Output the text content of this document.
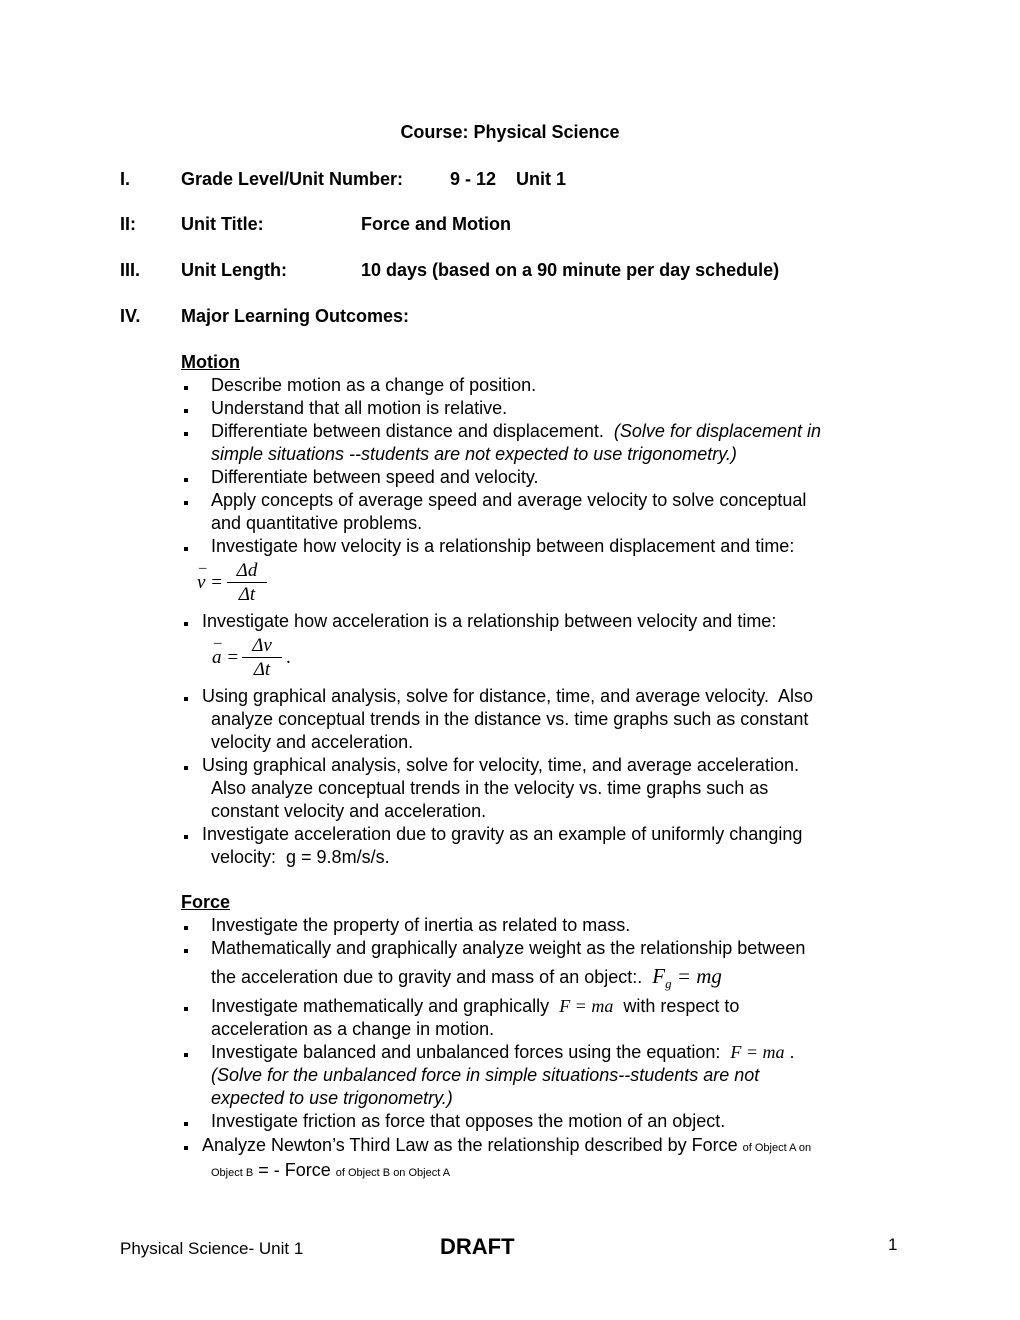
Course: Physical Science
I.	Grade Level/Unit Number:	9 - 12    Unit 1
II:	Unit Title:	Force and Motion
III. Unit Length:	10 days (based on a 90 minute per day schedule)
IV. Major Learning Outcomes:
Motion
Describe motion as a change of position.
Understand that all motion is relative.
Differentiate between distance and displacement.  (Solve for displacement in
simple situations --students are not expected to use trigonometry.)
Differentiate between speed and velocity.
Apply concepts of average speed and average velocity to solve conceptual
and quantitative problems.
Investigate how velocity is a relationship between displacement and time:
Investigate how acceleration is a relationship between velocity and time:
Using graphical analysis, solve for distance, time, and average velocity.  Also
analyze conceptual trends in the distance vs. time graphs such as constant
velocity and acceleration.
Using graphical analysis, solve for velocity, time, and average acceleration.
Also analyze conceptual trends in the velocity vs. time graphs such as
constant velocity and acceleration.
Investigate acceleration due to gravity as an example of uniformly changing
velocity:  g = 9.8m/s/s.
–
v =
Δd
Δt
–
a =
Δv
Δt
.
Force
Investigate the property of inertia as related to mass.
Mathematically and graphically analyze weight as the relationship between
the acceleration due to gravity and mass of an object:.  $F_g$ = mg
Investigate mathematically and graphically  F = ma  with respect to
acceleration as a change in motion.
Investigate balanced and unbalanced forces using the equation:  F = ma .
(Solve for the unbalanced force in simple situations--students are not
expected to use trigonometry.)
Investigate friction as force that opposes the motion of an object.
Analyze Newton’s Third Law as the relationship described by Force of Object A on
Object B = - Force of Object B on Object A
Physical Science- Unit 1	DRAFT	1
